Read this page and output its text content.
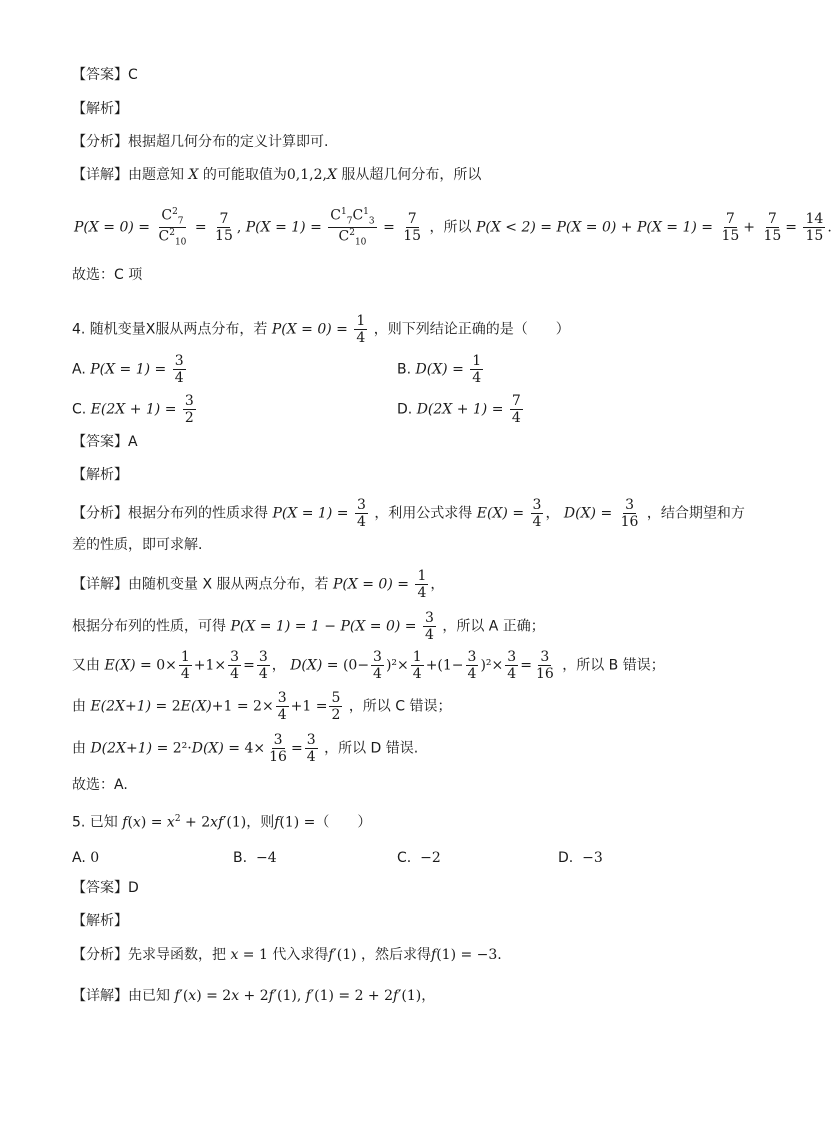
【答案】C
【解析】
【分析】根据超几何分布的定义计算即可.
【详解】由题意知 X 的可能取值为0,1,2,X 服从超几何分布，所以
$P(X = 0) = \frac{C^2_7}{C^2_{10}} = \frac{7}{15}$ , $P(X = 1) = \frac{C^1_7C^1_3}{C^2_{10}} = \frac{7}{15}$ ，所以 $P(X < 2) = P(X = 0) + P(X = 1) = \frac{7}{15} + \frac{7}{15} = \frac{14}{15}$ .
故选：C 项
4. 随机变量X服从两点分布，若 $P(X = 0) = \frac{1}{4}$ ，则下列结论正确的是（　　）
A. $P(X = 1) = \frac{3}{4}$	B. $D(X) = \frac{1}{4}$
C. $E(2X + 1) = \frac{3}{2}$	D. $D(2X + 1) = \frac{7}{4}$
【答案】A
【解析】
【分析】根据分布列的性质求得 $P(X = 1) = \frac{3}{4}$ ，利用公式求得 $E(X) = \frac{3}{4}$ ， $D(X) = \frac{3}{16}$ ，结合期望和方
差的性质，即可求解.
【详解】由随机变量 X 服从两点分布，若 $P(X = 0) = \frac{1}{4}$ ，
根据分布列的性质，可得 $P(X = 1) = 1 - P(X = 0) = \frac{3}{4}$ ，所以 A 正确；
又由 $E(X) = 0\times \frac{1}{4} +1\times \frac{3}{4} = \frac{3}{4}$ ， $D(X) = (0- \frac{3}{4} )^2\times \frac{1}{4} +(1- \frac{3}{4} )^2\times \frac{3}{4} = \frac{3}{16}$ ，所以 B 错误；
由 $E(2X+1) = 2E(X)+1 = 2\times \frac{3}{4} +1 = \frac{5}{2}$ ，所以 C 错误；
由 $D(2X+1) = 2^2\cdot D(X) = 4\times \frac{3}{16} = \frac{3}{4}$ ，所以 D 错误.
故选：A.
5. 已知 $f(x) = x^2 + 2xf'(1)$，则f(1) =（　　）
A. 0	B. −4	C. −2	D. −3
【答案】D
【解析】
【分析】先求导函数，把 x = 1 代入求得f′(1) ，然后求得f(1) = −3.
【详解】由已知 f′(x) = 2x + 2f′(1), f′(1) = 2 + 2f′(1)，
